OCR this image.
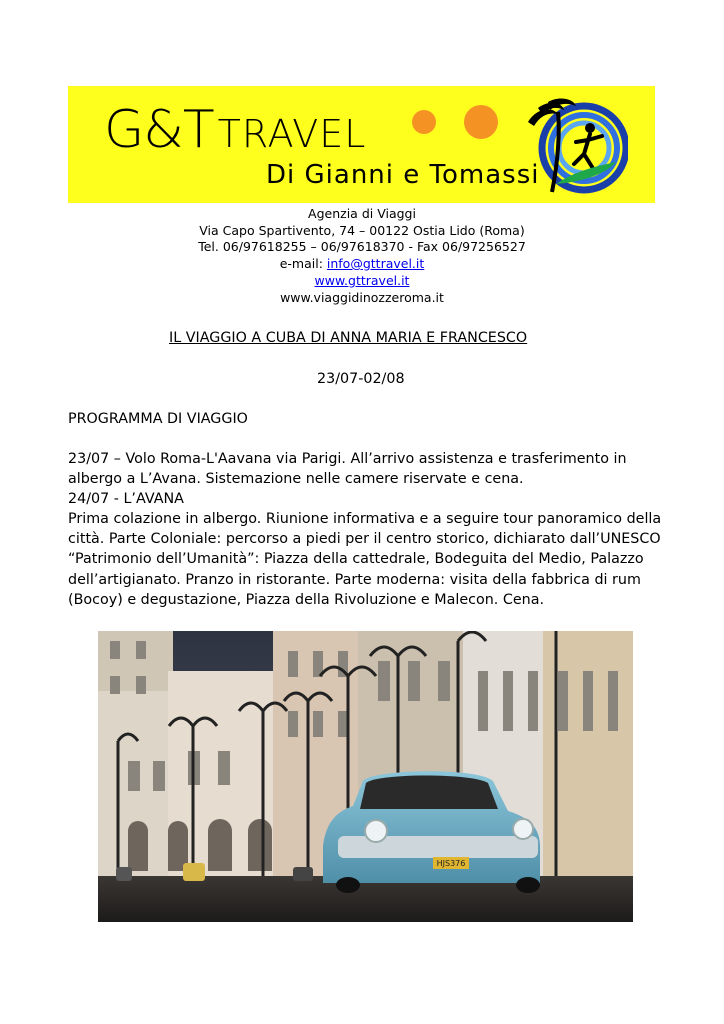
G&T TRAVEL
Di Gianni e Tomassi
Agenzia di Viaggi
Via Capo Spartivento, 74 – 00122 Ostia Lido (Roma)
Tel. 06/97618255 – 06/97618370 - Fax 06/97256527
e-mail: info@gttravel.it
www.gttravel.it
www.viaggidinozzeroma.it
IL VIAGGIO A CUBA DI ANNA MARIA E FRANCESCO
23/07-02/08
PROGRAMMA DI VIAGGIO

23/07 – Volo Roma-L'Aavana via Parigi. All’arrivo assistenza e trasferimento in

albergo a L’Avana. Sistemazione nelle camere riservate e cena.

24/07 - L’AVANA

Prima colazione in albergo. Riunione informativa e a seguire tour panoramico della

città. Parte Coloniale: percorso a piedi per il centro storico, dichiarato dall’UNESCO

“Patrimonio dell’Umanità”: Piazza della cattedrale, Bodeguita del Medio, Palazzo

dell’artigianato. Pranzo in ristorante. Parte moderna: visita della fabbrica di rum

(Bocoy) e degustazione, Piazza della Rivoluzione e Malecon. Cena.

HJS376
